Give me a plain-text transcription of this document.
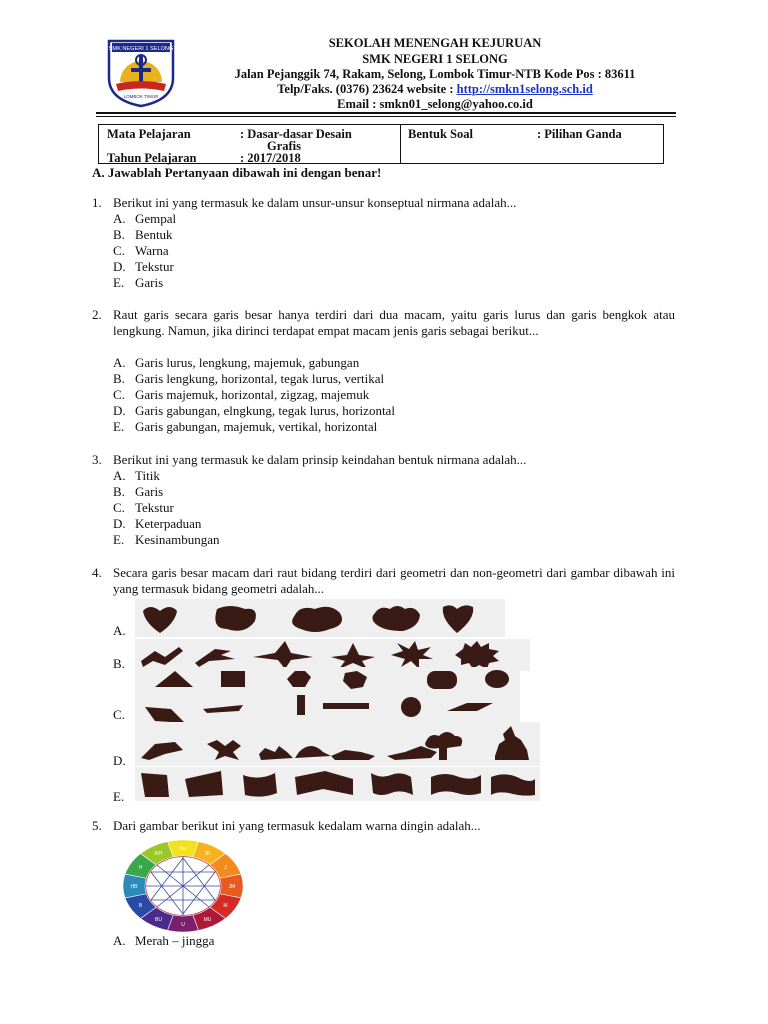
SMK NEGERI 1 SELONG
LOMBOK TIMUR
SEKOLAH MENENGAH KEJURUAN
SMK NEGERI 1 SELONG
Jalan Pejanggik 74, Rakam, Selong, Lombok Timur-NTB Kode Pos : 83611
Telp/Faks. (0376) 23624 website : http://smkn1selong.sch.id
Email : smkn01_selong@yahoo.co.id
Mata Pelajaran	: Dasar-dasar Desain
Grafis
Tahun Pelajaran	: 2017/2018
Bentuk Soal	: Pilihan Ganda
A. Jawablah Pertanyaan dibawah ini dengan benar!
1. Berikut ini yang termasuk ke dalam unsur-unsur konseptual nirmana adalah...
A. Gempal
B. Bentuk
C. Warna
D. Tekstur
E. Garis
2. Raut garis secara garis besar hanya terdiri dari dua macam, yaitu garis lurus dan garis bengkok atau lengkung. Namun, jika dirinci terdapat empat macam jenis garis sebagai berikut...
A. Garis lurus, lengkung, majemuk, gabungan
B. Garis lengkung, horizontal, tegak lurus, vertikal
C. Garis majemuk, horizontal, zigzag, majemuk
D. Garis gabungan, elngkung, tegak lurus, horizontal
E. Garis gabungan, majemuk, vertikal, horizontal
3. Berikut ini yang termasuk ke dalam prinsip keindahan bentuk nirmana adalah...
A. Titik
B. Garis
C. Tekstur
D. Keterpaduan
E. Kesinambungan
4. Secara garis besar macam dari raut bidang terdiri dari geometri dan non-geometri dari gambar dibawah ini yang termasuk bidang geometri adalah...
A.
B.
C.
D.
E.
5. Dari gambar berikut ini yang termasuk kedalam warna dingin adalah...
Ku
JK
J
JM
M
MU
U
BU
B
HB
H
KH
A. Merah – jingga
